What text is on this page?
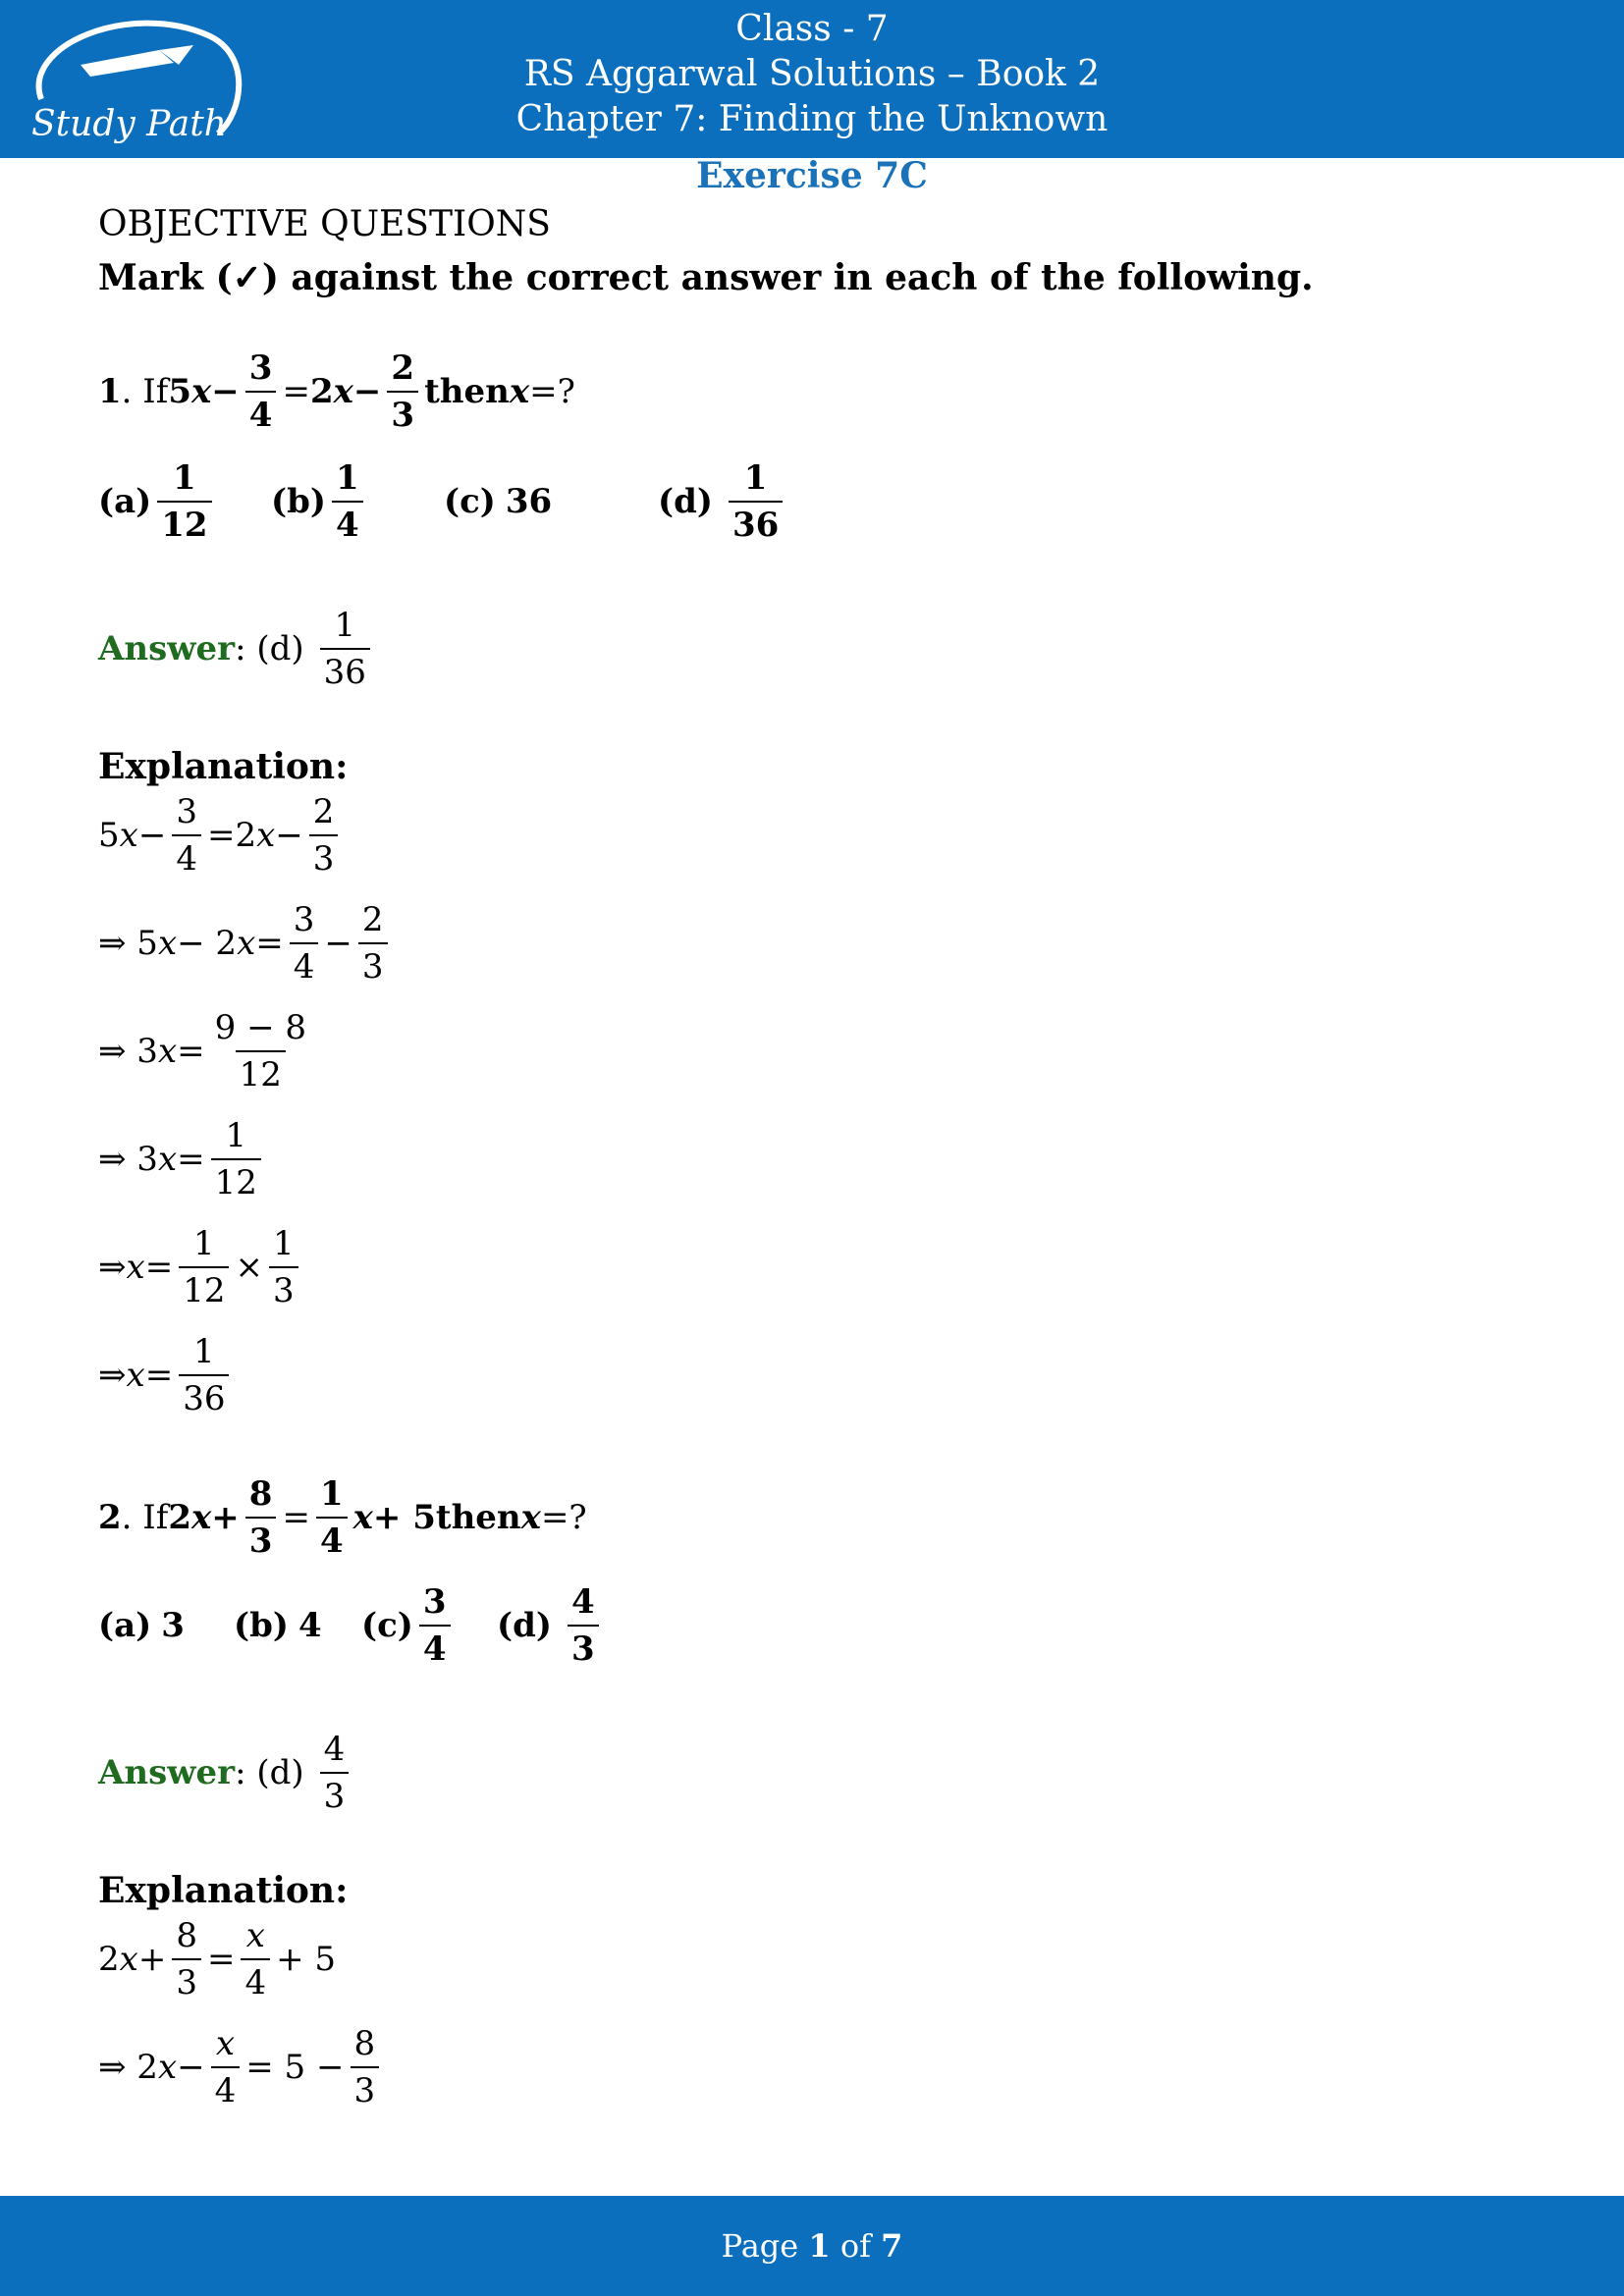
Study Path
Class - 7
RS Aggarwal Solutions – Book 2
Chapter 7: Finding the Unknown
Exercise 7C
OBJECTIVE QUESTIONS
Mark (✓) against the correct answer in each of the following.
1 . If 5 $x - \frac{3}{4} = 2$ $x - \frac{2}{3}$ then x =?
$(a) \frac{1}{12} (b) \frac{1}{4} (c)$ 36	$(d) \frac{1}{36}$
Answer : $(d) \frac{1}{36}$
Explanation:
5 $x - \frac{3}{4} = 2$ $x - \frac{2}{3}$
⇒ 5 x − 2 $x = \frac{3}{4} - \frac{2}{3}$
⇒ 3 $x = \frac{9 - 8}{12}$
⇒ 3 $x = \frac{1}{12}$
⇒ $x = \frac{1}{12} \times \frac{1}{3}$
⇒ $x = \frac{1}{36}$
2 . If 2 $x + \frac{8}{3} = \frac{1}{4}$ x + 5 then x =?
(a) 3 (b) 4 $(c) \frac{3}{4} (d) \frac{4}{3}$
Answer : $(d) \frac{4}{3}$
Explanation:
2 $x + \frac{8}{3} = \frac{x}{4} + 5$
⇒ 2 $x - \frac{x}{4} = 5 - \frac{8}{3}$
Page 1 of 7
